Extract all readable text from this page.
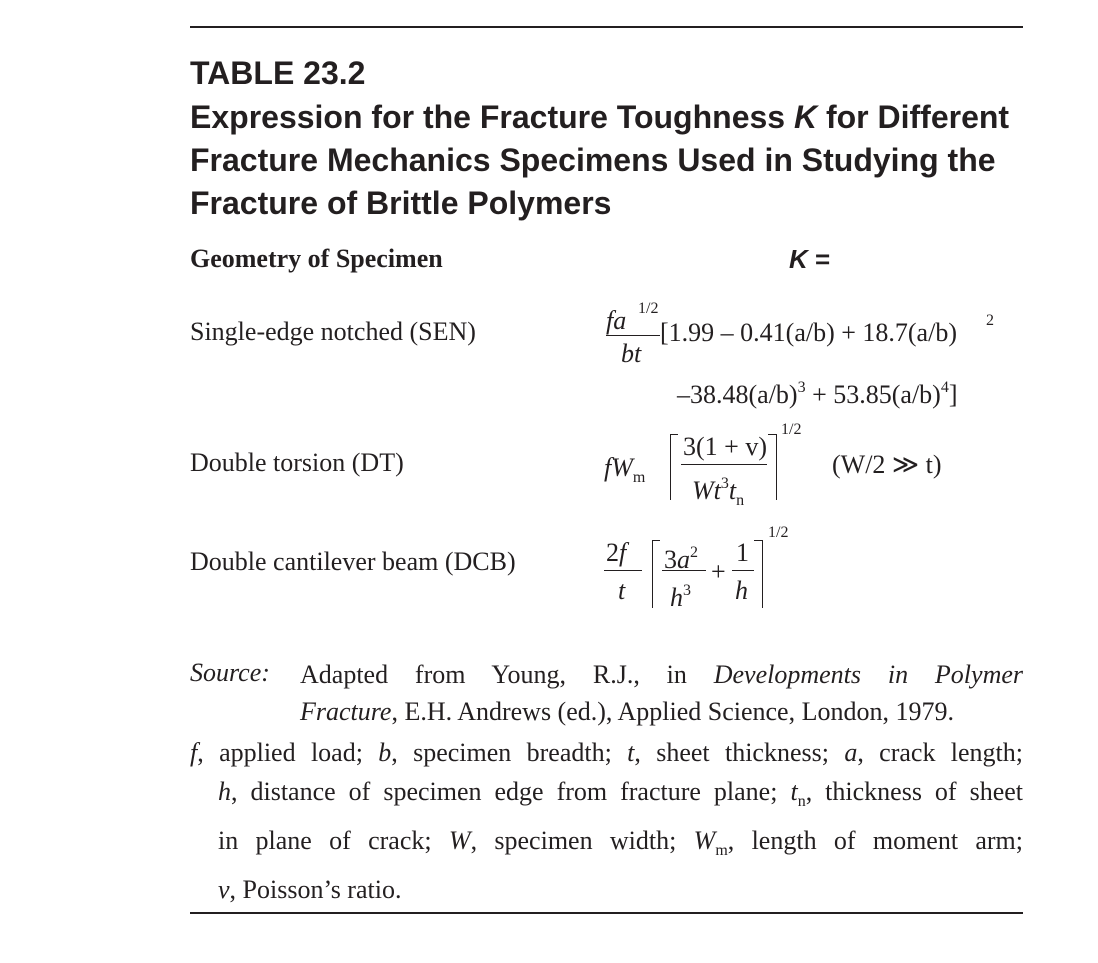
TABLE 23.2
Expression for the Fracture Toughness K for Different Fracture Mechanics Specimens Used in Studying the Fracture of Brittle Polymers
Geometry of Specimen	K =
Single-edge notched (SEN)	fa 1/2
bt
[1.99 – 0.41(a/b) + 18.7(a/b) 2
$-38.48(a/b)^3 + 53.85(a/b)^4$]
Double torsion (DT)	$fW_m$
3(1 + v)
$Wt^3t_n$
1/2
(W/2 ≫ t)
Double cantilever beam (DCB)	2f
t
$3a^2$
$h^3$
+
1
h
1/2
Source: Adapted from Young, R.J., in Developments in Polymer
Fracture, E.H. Andrews (ed.), Applied Science, London, 1979.
f, applied load; b, specimen breadth; t, sheet thickness; a, crack length;
h, distance of specimen edge from fracture plane; $t_n$, thickness of sheet
in plane of crack; W, specimen width; $W_m$, length of moment arm;
v, Poisson’s ratio.
